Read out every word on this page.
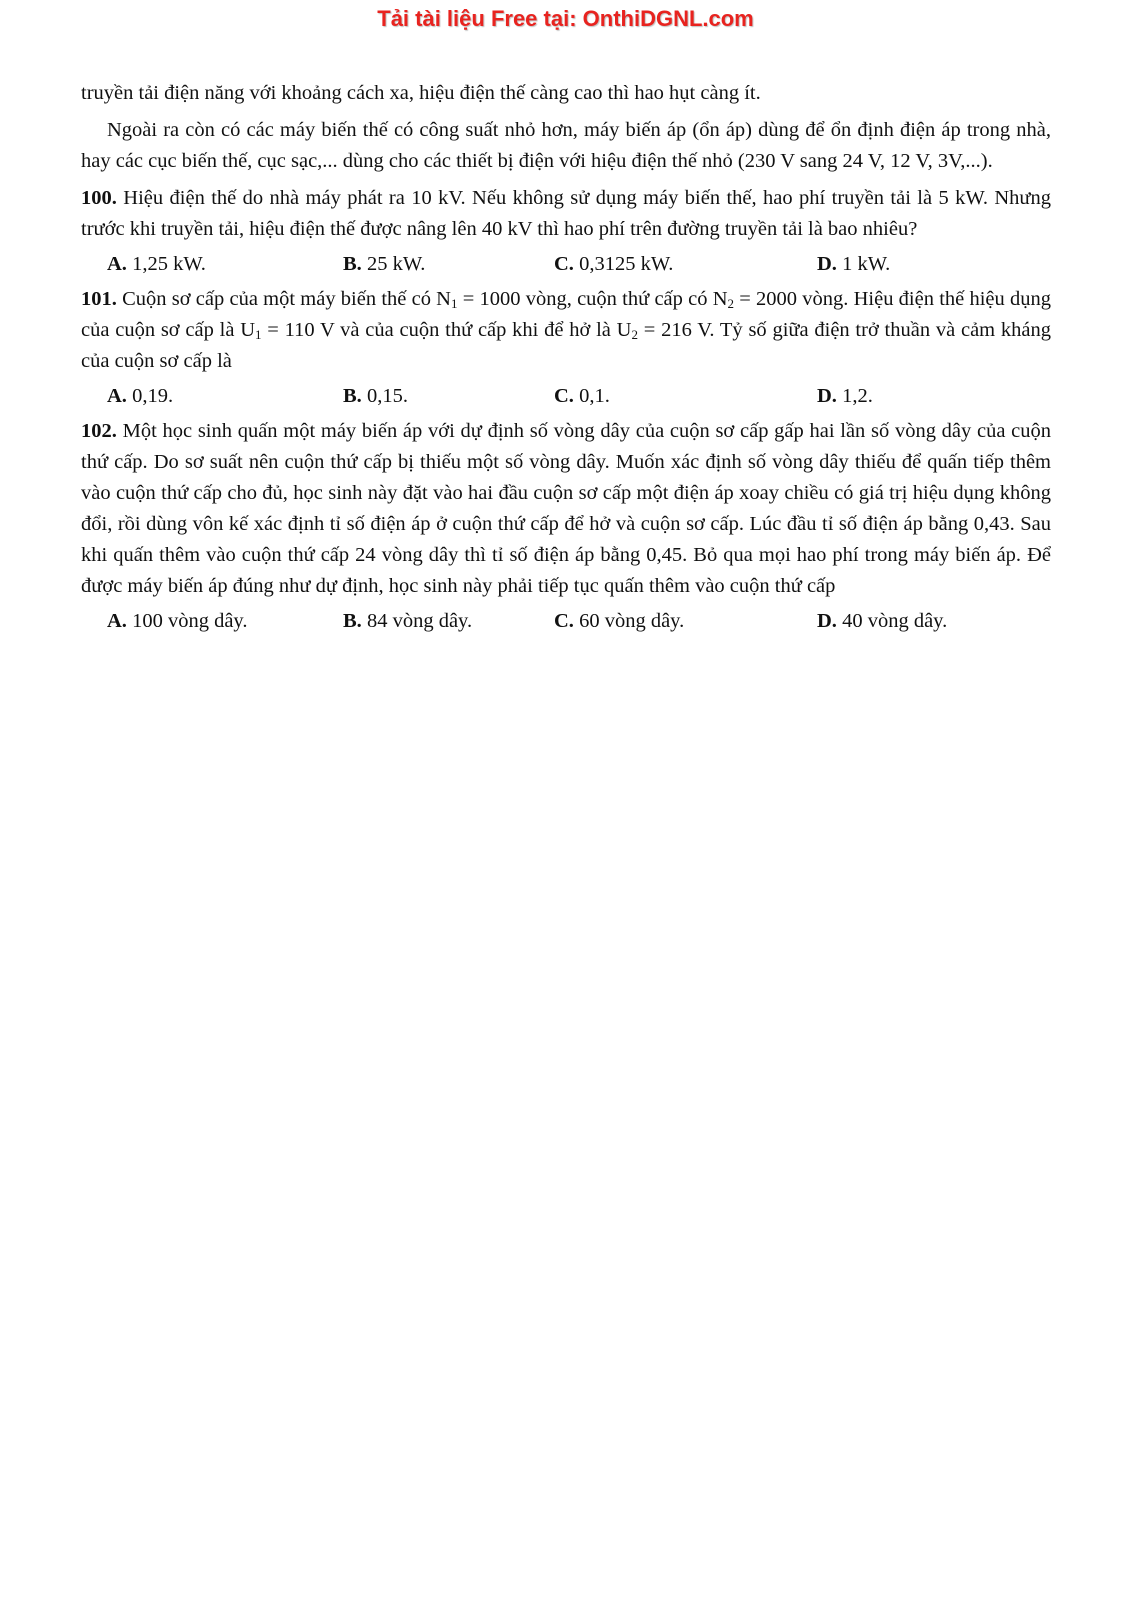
Tải tài liệu Free tại: OnthiDGNL.com

truyền tải điện năng với khoảng cách xa, hiệu điện thế càng cao thì hao hụt càng ít.

Ngoài ra còn có các máy biến thế có công suất nhỏ hơn, máy biến áp (ổn áp) dùng để ổn định điện áp trong nhà, hay các cục biến thế, cục sạc,... dùng cho các thiết bị điện với hiệu điện thế nhỏ (230 V sang 24 V, 12 V, 3V,...).

100. Hiệu điện thế do nhà máy phát ra 10 kV. Nếu không sử dụng máy biến thế, hao phí truyền tải là 5 kW. Nhưng trước khi truyền tải, hiệu điện thế được nâng lên 40 kV thì hao phí trên đường truyền tải là bao nhiêu?

A. 1,25 kW.	B. 25 kW.	C. 0,3125 kW.	D. 1 kW.

101. Cuộn sơ cấp của một máy biến thế có $N_1 = 1000$ vòng, cuộn thứ cấp có $N_2 = 2000$ vòng. Hiệu điện thế hiệu dụng của cuộn sơ cấp là $U_1 = 110$ V và của cuộn thứ cấp khi để hở là $U_2 = 216$ V. Tỷ số giữa điện trở thuần và cảm kháng của cuộn sơ cấp là

A. 0,19.	B. 0,15.	C. 0,1.	D. 1,2.

102. Một học sinh quấn một máy biến áp với dự định số vòng dây của cuộn sơ cấp gấp hai lần số vòng dây của cuộn thứ cấp. Do sơ suất nên cuộn thứ cấp bị thiếu một số vòng dây. Muốn xác định số vòng dây thiếu để quấn tiếp thêm vào cuộn thứ cấp cho đủ, học sinh này đặt vào hai đầu cuộn sơ cấp một điện áp xoay chiều có giá trị hiệu dụng không đổi, rồi dùng vôn kế xác định tỉ số điện áp ở cuộn thứ cấp để hở và cuộn sơ cấp. Lúc đầu tỉ số điện áp bằng 0,43. Sau khi quấn thêm vào cuộn thứ cấp 24 vòng dây thì tỉ số điện áp bằng 0,45. Bỏ qua mọi hao phí trong máy biến áp. Để được máy biến áp đúng như dự định, học sinh này phải tiếp tục quấn thêm vào cuộn thứ cấp

A. 100 vòng dây.	B. 84 vòng dây.	C. 60 vòng dây.	D. 40 vòng dây.
